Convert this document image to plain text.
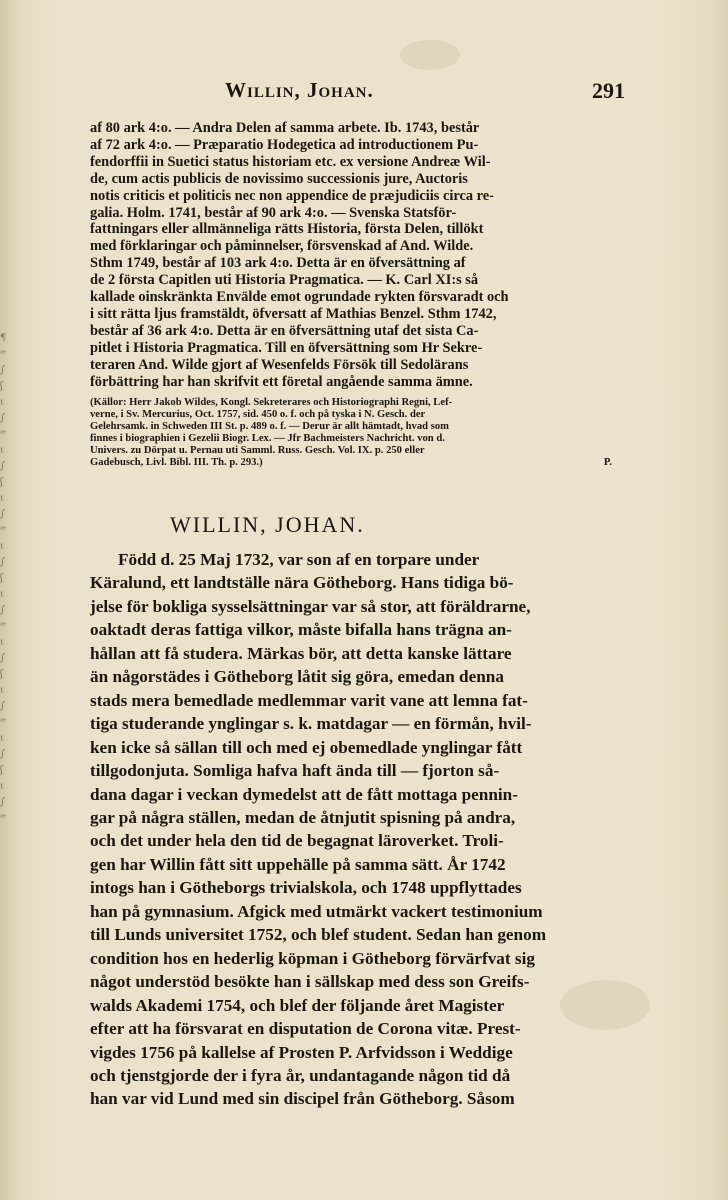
¶
ꟹ
∫
ʃ
ɩ
∫
ꟹ
ɩ
∫
ʃ
ɩ
∫
ꟹ
ɩ
∫
ʃ
ɩ
∫
ꟹ
ɩ
∫
ʃ
ɩ
∫
ꟹ
ɩ
∫
ʃ
ɩ
∫
ꟹ
Willin, Johan.	291

af 80 ark 4:o. — Andra Delen af samma arbete. Ib. 1743, består
af 72 ark 4:o. — Præparatio Hodegetica ad introductionem Pu-
fendorffii in Suetici status historiam etc. ex versione Andreæ Wil-
de, cum actis publicis de novissimo successionis jure, Auctoris
notis criticis et politicis nec non appendice de præjudiciis circa re-
galia. Holm. 1741, består af 90 ark 4:o. — Svenska Statsför-
fattningars eller allmänneliga rätts Historia, första Delen, tillökt
med förklaringar och påminnelser, försvenskad af And. Wilde.
Sthm 1749, består af 103 ark 4:o. Detta är en öfversättning af
de 2 första Capitlen uti Historia Pragmatica. — K. Carl XI:s så
kallade oinskränkta Envälde emot ogrundade rykten försvaradt och
i sitt rätta ljus framstäldt, öfversatt af Mathias Benzel. Sthm 1742,
består af 36 ark 4:o. Detta är en öfversättning utaf det sista Ca-
pitlet i Historia Pragmatica. Till en öfversättning som Hr Sekre-
teraren And. Wilde gjort af Wesenfelds Försök till Sedolärans
förbättring har han skrifvit ett företal angående samma ämne.

(Källor: Herr Jakob Wildes, Kongl. Sekreterares och Historiographi Regni, Lef-
verne, i Sv. Mercurius, Oct. 1757, sid. 450 o. f. och på tyska i N. Gesch. der
Gelehrsamk. in Schweden III St. p. 489 o. f. — Derur är allt hämtadt, hvad som
finnes i biographien i Gezelii Biogr. Lex. — Jfr Bachmeisters Nachricht. von d.
Univers. zu Dörpat u. Pernau uti Samml. Russ. Gesch. Vol. IX. p. 250 eller
Gadebusch, Livl. Bibl. III. Th. p. 293.)	P.

WILLIN, JOHAN.
Född d. 25 Maj 1732, var son af en torpare under
Käralund, ett landtställe nära Götheborg. Hans tidiga bö-
jelse för bokliga sysselsättningar var så stor, att föräldrarne,
oaktadt deras fattiga vilkor, måste bifalla hans trägna an-
hållan att få studera. Märkas bör, att detta kanske lättare
än någorstädes i Götheborg låtit sig göra, emedan denna
stads mera bemedlade medlemmar varit vane att lemna fat-
tiga studerande ynglingar s. k. matdagar — en förmån, hvil-
ken icke så sällan till och med ej obemedlade ynglingar fått
tillgodonjuta. Somliga hafva haft ända till — fjorton så-
dana dagar i veckan dymedelst att de fått mottaga pennin-
gar på några ställen, medan de åtnjutit spisning på andra,
och det under hela den tid de begagnat läroverket. Troli-
gen har Willin fått sitt uppehälle på samma sätt. År 1742
intogs han i Götheborgs trivialskola, och 1748 uppflyttades
han på gymnasium. Afgick med utmärkt vackert testimonium
till Lunds universitet 1752, och blef student. Sedan han genom
condition hos en hederlig köpman i Götheborg förvärfvat sig
något understöd besökte han i sällskap med dess son Greifs-
walds Akademi 1754, och blef der följande året Magister
efter att ha försvarat en disputation de Corona vitæ. Prest-
vigdes 1756 på kallelse af Prosten P. Arfvidsson i Weddige
och tjenstgjorde der i fyra år, undantagande någon tid då
han var vid Lund med sin discipel från Götheborg. Såsom
